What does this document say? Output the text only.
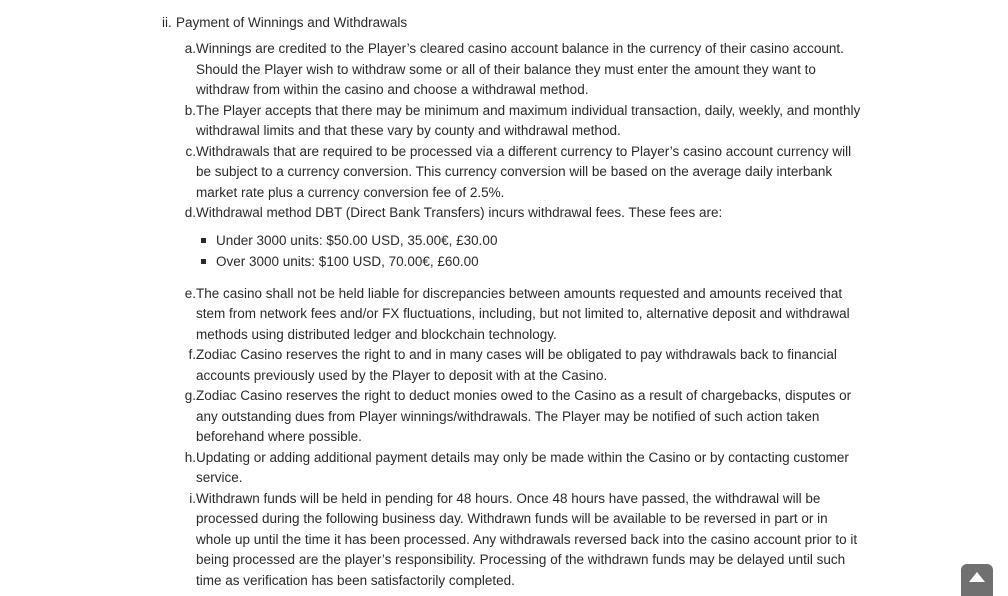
ii. Payment of Winnings and Withdrawals
a. Winnings are credited to the Player’s cleared casino account balance in the currency of their casino account. Should the Player wish to withdraw some or all of their balance they must enter the amount they want to withdraw from within the casino and choose a withdrawal method.
b. The Player accepts that there may be minimum and maximum individual transaction, daily, weekly, and monthly withdrawal limits and that these vary by county and withdrawal method.
c. Withdrawals that are required to be processed via a different currency to Player’s casino account currency will be subject to a currency conversion. This currency conversion will be based on the average daily interbank market rate plus a currency conversion fee of 2.5%.
d. Withdrawal method DBT (Direct Bank Transfers) incurs withdrawal fees. These fees are:
Under 3000 units: $50.00 USD, 35.00€, £30.00
Over 3000 units: $100 USD, 70.00€, £60.00
e. The casino shall not be held liable for discrepancies between amounts requested and amounts received that stem from network fees and/or FX fluctuations, including, but not limited to, alternative deposit and withdrawal methods using distributed ledger and blockchain technology.
f. Zodiac Casino reserves the right to and in many cases will be obligated to pay withdrawals back to financial accounts previously used by the Player to deposit with at the Casino.
g. Zodiac Casino reserves the right to deduct monies owed to the Casino as a result of chargebacks, disputes or any outstanding dues from Player winnings/withdrawals. The Player may be notified of such action taken beforehand where possible.
h. Updating or adding additional payment details may only be made within the Casino or by contacting customer service.
i. Withdrawn funds will be held in pending for 48 hours. Once 48 hours have passed, the withdrawal will be processed during the following business day. Withdrawn funds will be available to be reversed in part or in whole up until the time it has been processed. Any withdrawals reversed back into the casino account prior to it being processed are the player’s responsibility. Processing of the withdrawn funds may be delayed until such time as verification has been satisfactorily completed.
